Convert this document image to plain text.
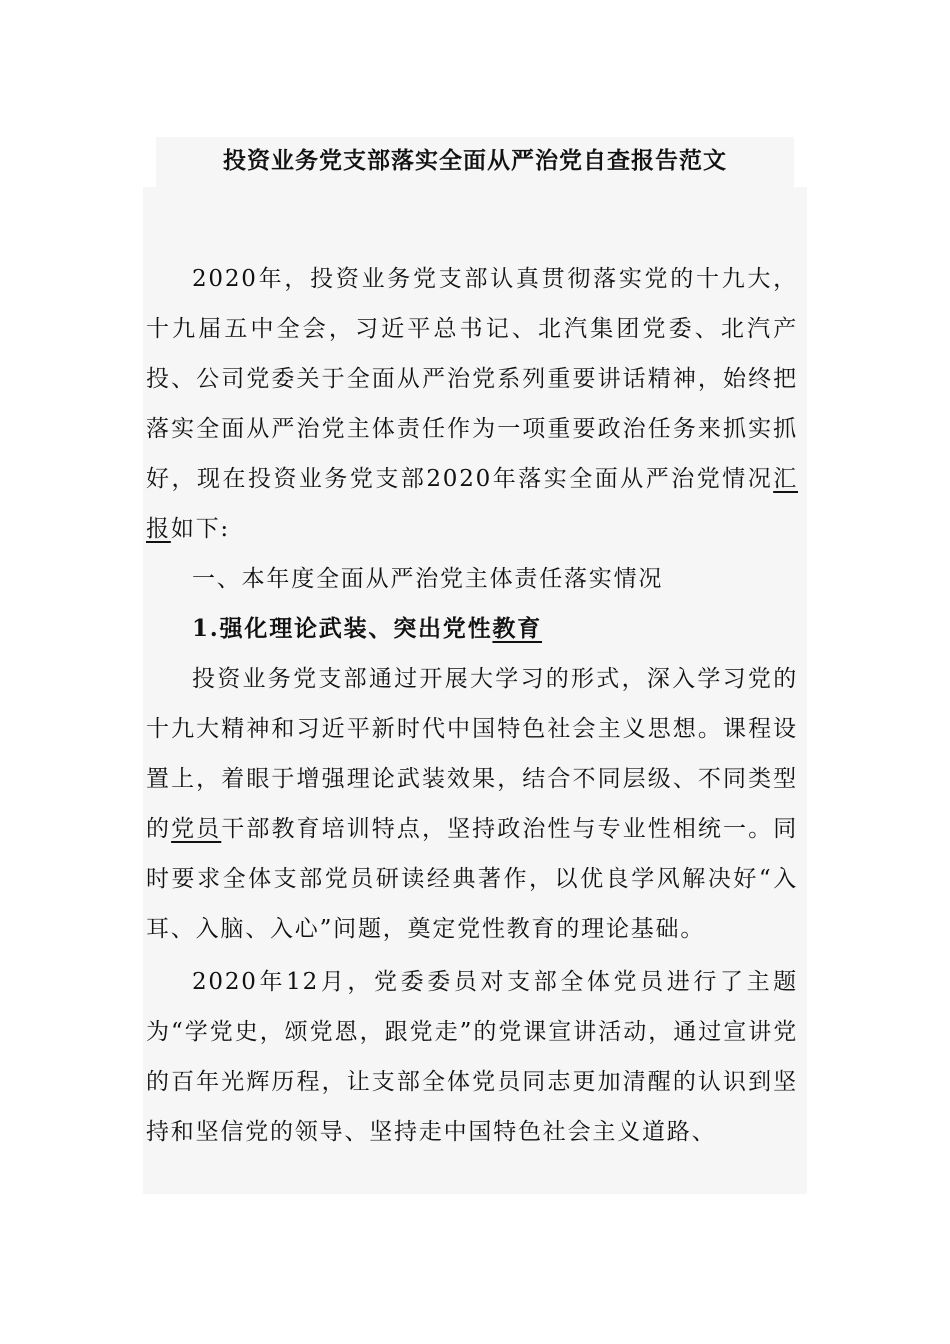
投资业务党支部落实全面从严治党自查报告范文

2020年，投资业务党支部认真贯彻落实党的十九大，十九届五中全会，习近平总书记、北汽集团党委、北汽产投、公司党委关于全面从严治党系列重要讲话精神，始终把落实全面从严治党主体责任作为一项重要政治任务来抓实抓好，现在投资业务党支部2020年落实全面从严治党情况汇报如下:

一、本年度全面从严治党主体责任落实情况

1.强化理论武装、突出党性教育

投资业务党支部通过开展大学习的形式，深入学习党的十九大精神和习近平新时代中国特色社会主义思想。课程设置上，着眼于增强理论武装效果，结合不同层级、不同类型的党员干部教育培训特点，坚持政治性与专业性相统一。同时要求全体支部党员研读经典著作，以优良学风解决好“入耳、入脑、入心”问题，奠定党性教育的理论基础。

2020年12月，党委委员对支部全体党员进行了主题为“学党史，颂党恩，跟党走”的党课宣讲活动，通过宣讲党的百年光辉历程，让支部全体党员同志更加清醒的认识到坚持和坚信党的领导、坚持走中国特色社会主义道路、
